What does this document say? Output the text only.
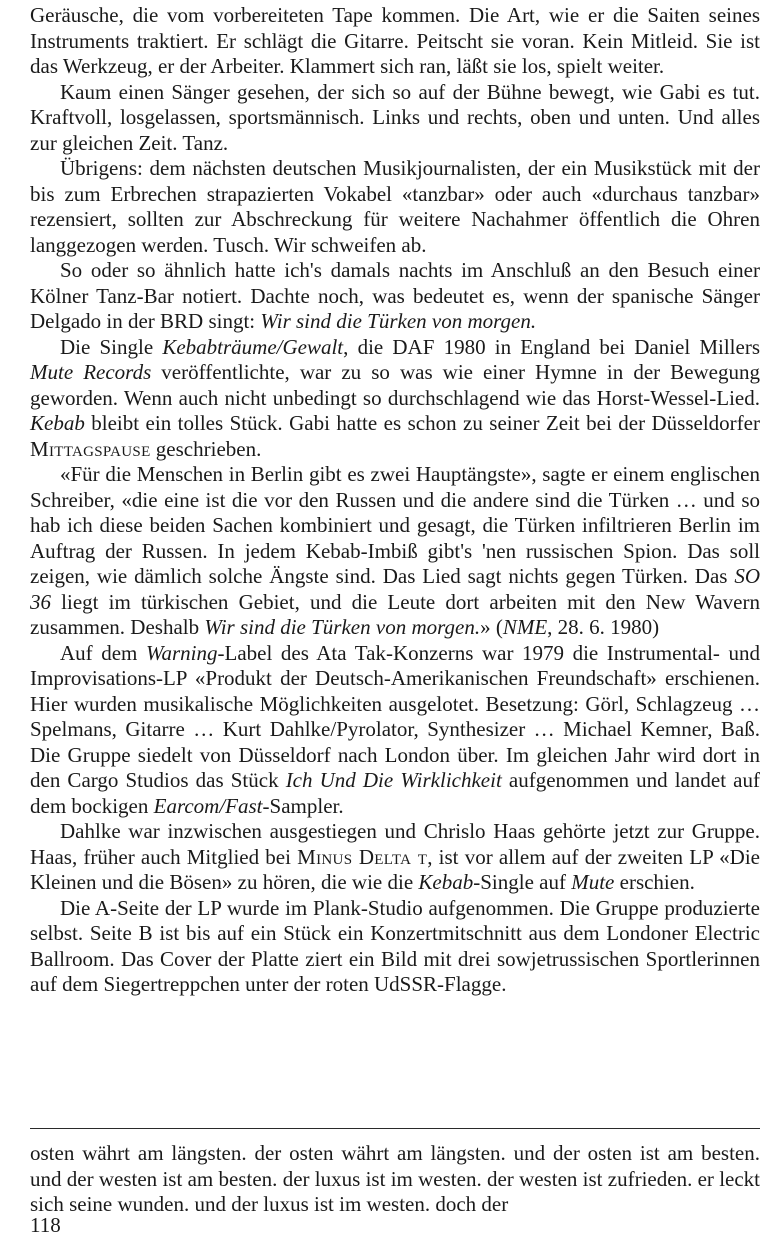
Geräusche, die vom vorbereiteten Tape kommen. Die Art, wie er die Saiten seines Instruments traktiert. Er schlägt die Gitarre. Peitscht sie voran. Kein Mitleid. Sie ist das Werkzeug, er der Arbeiter. Klammert sich ran, läßt sie los, spielt weiter.

Kaum einen Sänger gesehen, der sich so auf der Bühne bewegt, wie Gabi es tut. Kraftvoll, losgelassen, sportsmännisch. Links und rechts, oben und unten. Und alles zur gleichen Zeit. Tanz.

Übrigens: dem nächsten deutschen Musikjournalisten, der ein Musikstück mit der bis zum Erbrechen strapazierten Vokabel «tanzbar» oder auch «durchaus tanzbar» rezensiert, sollten zur Abschreckung für weitere Nachahmer öffentlich die Ohren langgezogen werden. Tusch. Wir schweifen ab.

So oder so ähnlich hatte ich's damals nachts im Anschluß an den Besuch einer Kölner Tanz-Bar notiert. Dachte noch, was bedeutet es, wenn der spanische Sänger Delgado in der BRD singt: Wir sind die Türken von morgen.

Die Single Kebabträume/Gewalt, die DAF 1980 in England bei Daniel Millers Mute Records veröffentlichte, war zu so was wie einer Hymne in der Bewegung geworden. Wenn auch nicht unbedingt so durchschlagend wie das Horst-Wessel-Lied. Kebab bleibt ein tolles Stück. Gabi hatte es schon zu seiner Zeit bei der Düsseldorfer Mittagspause geschrieben.

«Für die Menschen in Berlin gibt es zwei Hauptängste», sagte er einem englischen Schreiber, «die eine ist die vor den Russen und die andere sind die Türken … und so hab ich diese beiden Sachen kombiniert und gesagt, die Türken infiltrieren Berlin im Auftrag der Russen. In jedem Kebab-Imbiß gibt's 'nen russischen Spion. Das soll zeigen, wie dämlich solche Ängste sind. Das Lied sagt nichts gegen Türken. Das SO 36 liegt im türkischen Gebiet, und die Leute dort arbeiten mit den New Wavern zusammen. Deshalb Wir sind die Türken von morgen.» (NME, 28. 6. 1980)

Auf dem Warning-Label des Ata Tak-Konzerns war 1979 die Instrumental- und Improvisations-LP «Produkt der Deutsch-Amerikanischen Freundschaft» erschienen. Hier wurden musikalische Möglichkeiten ausgelotet. Besetzung: Görl, Schlagzeug … Spelmans, Gitarre … Kurt Dahlke/Pyrolator, Synthesizer … Michael Kemner, Baß. Die Gruppe siedelt von Düsseldorf nach London über. Im gleichen Jahr wird dort in den Cargo Studios das Stück Ich Und Die Wirklichkeit aufgenommen und landet auf dem bockigen Earcom/Fast-Sampler.

Dahlke war inzwischen ausgestiegen und Chrislo Haas gehörte jetzt zur Gruppe. Haas, früher auch Mitglied bei Minus Delta t, ist vor allem auf der zweiten LP «Die Kleinen und die Bösen» zu hören, die wie die Kebab-Single auf Mute erschien.

Die A-Seite der LP wurde im Plank-Studio aufgenommen. Die Gruppe produzierte selbst. Seite B ist bis auf ein Stück ein Konzertmitschnitt aus dem Londoner Electric Ballroom. Das Cover der Platte ziert ein Bild mit drei sowjetrussischen Sportlerinnen auf dem Siegertreppchen unter der roten UdSSR-Flagge.

osten währt am längsten. der osten währt am längsten. und der osten ist am besten. und der westen ist am besten. der luxus ist im westen. der westen ist zufrieden. er leckt sich seine wunden. und der luxus ist im westen. doch der

118
